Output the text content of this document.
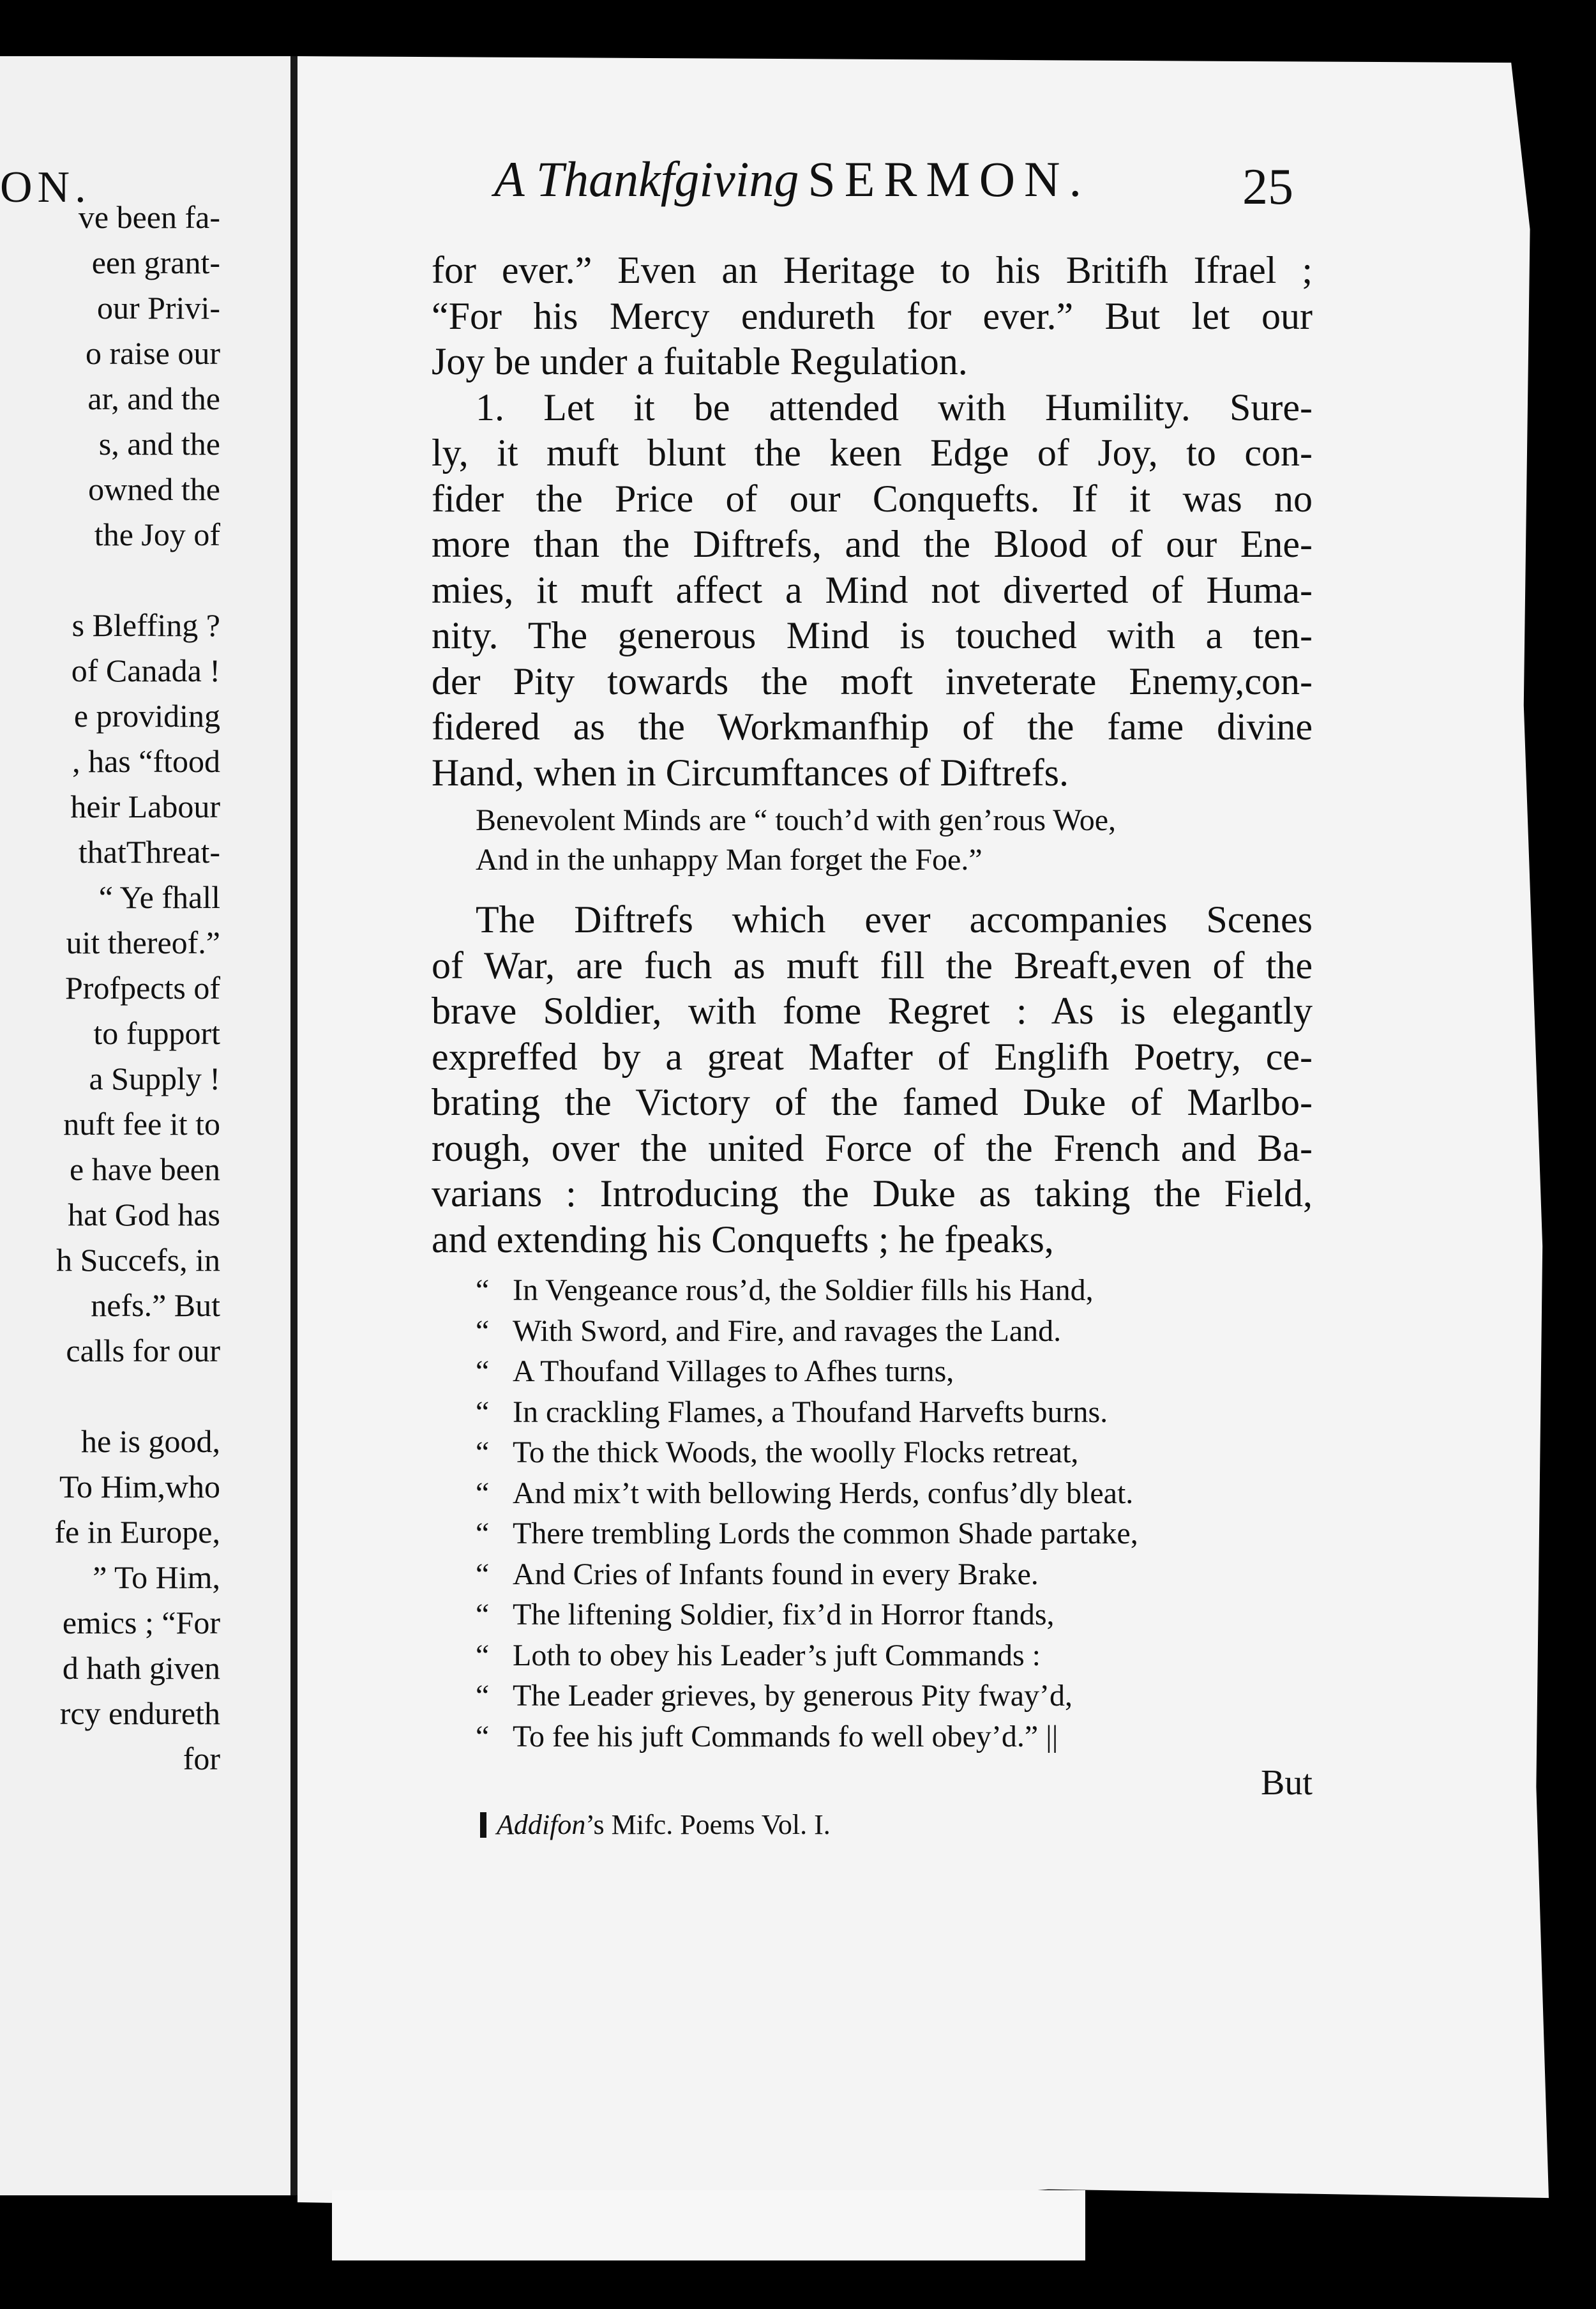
ON.
ve been fa-
een grant-
our Privi-
o raise our
ar, and the
s, and the
owned the
the Joy of
s Bleffing ?
of Canada !
e providing
, has “ftood
heir Labour
thatThreat-
“ Ye fhall
uit thereof.”
Profpects of
to fupport
a Supply !
nuft fee it to
e have been
hat God has
h Succefs, in
nefs.” But
calls for our
he is good,
To Him,who
fe in Europe,
” To Him,
emics ; “For
d hath given
rcy endureth
for
A Thankfgiving SERMON.	25
for ever.” Even an Heritage to his Britifh Ifrael ;
“For his Mercy endureth for ever.” But let our
Joy be under a fuitable Regulation.
1. Let it be attended with Humility. Sure-
ly, it muft blunt the keen Edge of Joy, to con-
fider the Price of our Conquefts. If it was no
more than the Diftrefs, and the Blood of our Ene-
mies, it muft affect a Mind not diverted of Huma-
nity. The generous Mind is touched with a ten-
der Pity towards the moft inveterate Enemy,con-
fidered as the Workmanfhip of the fame divine
Hand, when in Circumftances of Diftrefs.
Benevolent Minds are “ touch’d with gen’rous Woe,
And in the unhappy Man forget the Foe.”
The Diftrefs which ever accompanies Scenes
of War, are fuch as muft fill the Breaft,even of the
brave Soldier, with fome Regret : As is elegantly
expreffed by a great Mafter of Englifh Poetry, ce-
brating the Victory of the famed Duke of Marlbo-
rough, over the united Force of the French and Ba-
varians : Introducing the Duke as taking the Field,
and extending his Conquefts ; he fpeaks,
“ In Vengeance rous’d, the Soldier fills his Hand,
“ With Sword, and Fire, and ravages the Land.
“ A Thoufand Villages to Afhes turns,
“ In crackling Flames, a Thoufand Harvefts burns.
“ To the thick Woods, the woolly Flocks retreat,
“ And mix’t with bellowing Herds, confus’dly bleat.
“ There trembling Lords the common Shade partake,
“ And Cries of Infants found in every Brake.
“ The liftening Soldier, fix’d in Horror ftands,
“ Loth to obey his Leader’s juft Commands :
“ The Leader grieves, by generous Pity fway’d,
“ To fee his juft Commands fo well obey’d.” ||
But
Addifon’s Mifc. Poems Vol. I.
